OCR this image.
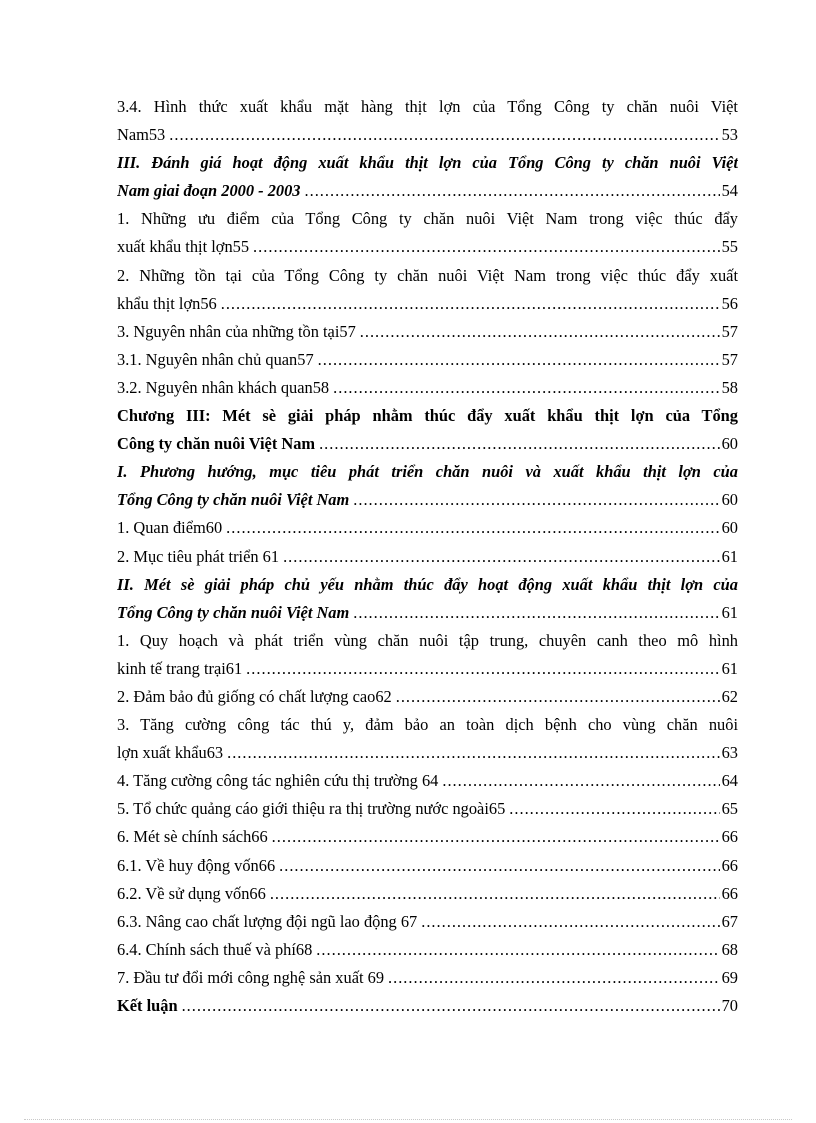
3.4. Hình thức xuất khẩu mặt hàng thịt lợn của Tổng Công ty chăn nuôi Việt
Nam53 .....	53
III. Đánh giá hoạt động xuất khẩu thịt lợn của Tổng Công ty chăn nuôi Việt
Nam giai đoạn 2000 - 2003 .....	54
1. Những ưu điểm của Tổng Công ty chăn nuôi Việt Nam trong việc thúc đẩy
xuất khẩu thịt lợn55 .....	55
2. Những tồn tại của Tổng Công ty chăn nuôi Việt Nam trong việc thúc đẩy xuất
khẩu thịt lợn56 .....	56
3. Nguyên nhân của những tồn tại57 .....	57
3.1. Nguyên nhân chủ quan57 .....	57
3.2. Nguyên nhân khách quan58 .....	58
Chương III: Mét sè giải pháp nhằm thúc đẩy xuất khẩu thịt lợn của Tổng
Công ty chăn nuôi Việt Nam .....	60
I. Phương hướng, mục tiêu phát triển chăn nuôi và xuất khẩu thịt lợn của
Tổng Công ty chăn nuôi Việt Nam .....	60
1. Quan điểm60 .....	60
2. Mục tiêu phát triển 61 .....	61
II. Mét sè giải pháp chủ yếu nhằm thúc đẩy hoạt động xuất khẩu thịt lợn của
Tổng Công ty chăn nuôi Việt Nam .....	61
1. Quy hoạch và phát triển vùng chăn nuôi tập trung, chuyên canh theo mô hình
kinh tế trang trại61 .....	61
2. Đảm bảo đủ giống có chất lượng cao62 .....	62
3. Tăng cường công tác thú y, đảm bảo an toàn dịch bệnh cho vùng chăn nuôi
lợn xuất khẩu63 .....	63
4. Tăng cường công tác nghiên cứu thị trường 64 .....	64
5. Tổ chức quảng cáo giới thiệu ra thị trường nước ngoài65 .....	65
6. Mét sè chính sách66 .....	66
6.1. Về huy động vốn66 .....	66
6.2. Về sử dụng vốn66 .....	66
6.3. Nâng cao chất lượng đội ngũ lao động 67 .....	67
6.4. Chính sách thuế và phí68 .....	68
7. Đầu tư đổi mới công nghệ sản xuất 69 .....	69
Kết luận .....	70
